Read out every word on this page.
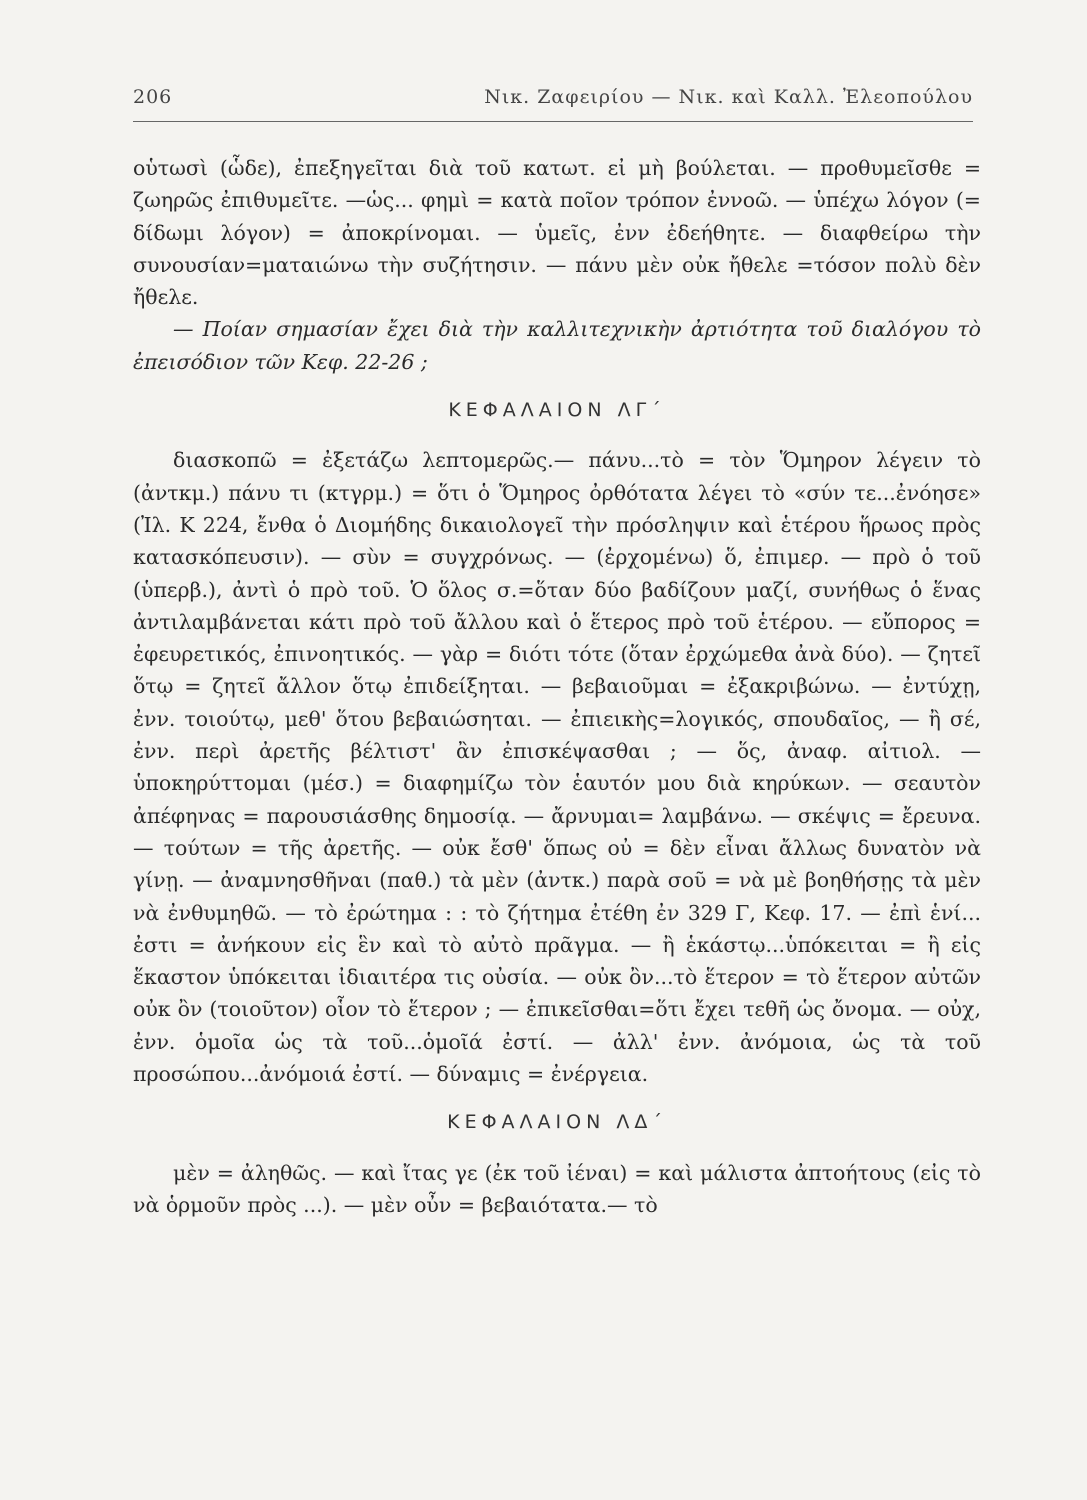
206	Νικ. Ζαφειρίου — Νικ. καὶ Καλλ. Ἐλεοπούλου

οὑτωσὶ (ὧδε), ἐπεξηγεῖται διὰ τοῦ κατωτ. εἰ μὴ βούλεται. — προθυμεῖσθε = ζωηρῶς ἐπιθυμεῖτε. —ὡς... φημὶ = κατὰ ποῖον τρόπον ἐννοῶ. — ὑπέχω λόγον (= δίδωμι λόγον) = ἀποκρίνομαι. — ὑμεῖς, ἐνν ἐδεήθητε. — διαφθείρω τὴν συνουσίαν=ματαιώνω τὴν συζήτησιν. — πάνυ μὲν οὐκ ἤθελε =τόσον πολὺ δὲν ἤθελε.

— Ποίαν σημασίαν ἔχει διὰ τὴν καλλιτεχνικὴν ἀρτιότητα τοῦ διαλόγου τὸ ἐπεισόδιον τῶν Κεφ. 22-26 ;

ΚΕΦΑΛΑΙΟΝ ΛΓ΄

διασκοπῶ = ἐξετάζω λεπτομερῶς.— πάνυ...τὸ = τὸν Ὅμηρον λέγειν τὸ (ἀντκμ.) πάνυ τι (κτγρμ.) = ὅτι ὁ Ὅμηρος ὀρθότατα λέγει τὸ «σύν τε...ἐνόησε» (Ἰλ. Κ 224, ἔνθα ὁ Διομήδης δικαιολογεῖ τὴν πρόσληψιν καὶ ἑτέρου ἥρωος πρὸς κατασκόπευσιν). — σὺν = συγχρόνως. — (ἐρχομένω) ὅ, ἐπιμερ. — πρὸ ὁ τοῦ (ὑπερβ.), ἀντὶ ὁ πρὸ τοῦ. Ὁ ὅλος σ.=ὅταν δύο βαδίζουν μαζί, συνήθως ὁ ἕνας ἀντιλαμβάνεται κάτι πρὸ τοῦ ἄλλου καὶ ὁ ἕτερος πρὸ τοῦ ἑτέρου. — εὔπορος = ἐφευρετικός, ἐπινοητικός. — γὰρ = διότι τότε (ὅταν ἐρχώμεθα ἀνὰ δύο). — ζητεῖ ὅτῳ = ζητεῖ ἄλλον ὅτῳ ἐπιδείξηται. — βεβαιοῦμαι = ἐξακριβώνω. — ἐντύχῃ, ἐνν. τοιούτῳ, μεθ' ὅτου βεβαιώσηται. — ἐπιεικὴς=λογικός, σπουδαῖος, — ἢ σέ, ἐνν. περὶ ἀρετῆς βέλτιστ' ἂν ἐπισκέψασθαι ; — ὅς, ἀναφ. αἰτιολ. — ὑποκηρύττομαι (μέσ.) = διαφημίζω τὸν ἑαυτόν μου διὰ κηρύκων. — σεαυτὸν ἀπέφηνας = παρουσιάσθης δημοσίᾳ. — ἄρνυμαι= λαμβάνω. — σκέψις = ἔρευνα. — τούτων = τῆς ἀρετῆς. — οὐκ ἔσθ' ὅπως οὐ = δὲν εἶναι ἄλλως δυνατὸν νὰ γίνῃ. — ἀναμνησθῆναι (παθ.) τὰ μὲν (ἀντκ.) παρὰ σοῦ = νὰ μὲ βοηθήσῃς τὰ μὲν νὰ ἐνθυμηθῶ. — τὸ ἐρώτημα : : τὸ ζήτημα ἐτέθη ἐν 329 Γ, Κεφ. 17. — ἐπὶ ἑνί... ἐστι = ἀνήκουν εἰς ἓν καὶ τὸ αὐτὸ πρᾶγμα. — ἢ ἑκάστῳ...ὑπόκειται = ἢ εἰς ἕκαστον ὑπόκειται ἰδιαιτέρα τις οὐσία. — οὐκ ὂν...τὸ ἕτερον = τὸ ἕτερον αὐτῶν οὐκ ὂν (τοιοῦτον) οἷον τὸ ἕτερον ; — ἐπικεῖσθαι=ὅτι ἔχει τεθῆ ὡς ὄνομα. — οὐχ, ἐνν. ὁμοῖα ὡς τὰ τοῦ...ὁμοῖά ἐστί. — ἀλλ' ἐνν. ἀνόμοια, ὡς τὰ τοῦ προσώπου...ἀνόμοιά ἐστί. — δύναμις = ἐνέργεια.

ΚΕΦΑΛΑΙΟΝ ΛΔ΄

μὲν = ἀληθῶς. — καὶ ἴτας γε (ἐκ τοῦ ἰέναι) = καὶ μάλιστα ἀπτοήτους (εἰς τὸ νὰ ὁρμοῦν πρὸς ...). — μὲν οὖν = βεβαιότατα.— τὸ
